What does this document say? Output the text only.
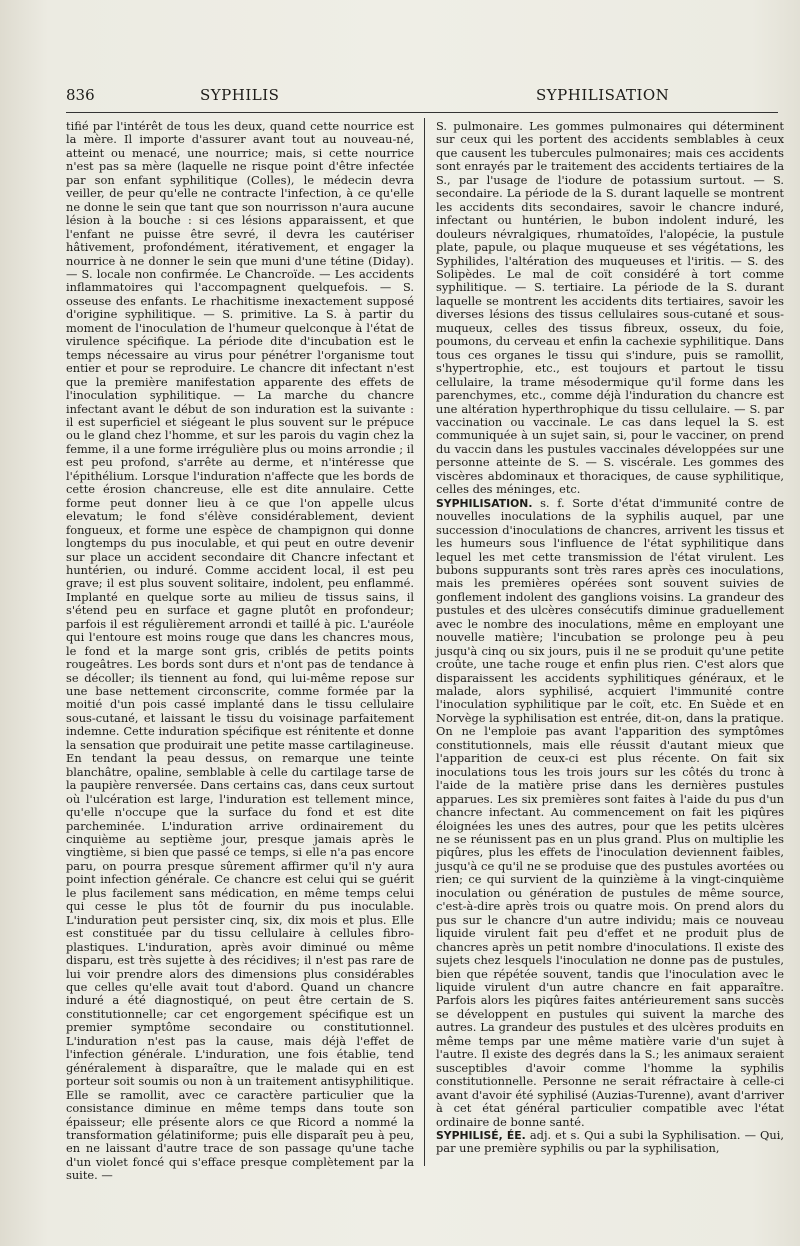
836	SYPHILIS	SYPHILISATION

tifié par l'intérêt de tous les deux, quand cette nourrice est la mère. Il importe d'assurer avant tout au nouveau-né, atteint ou menacé, une nourrice; mais, si cette nourrice n'est pas sa mère (laquelle ne risque point d'être infectée par son enfant syphilitique (Colles), le médecin devra veiller, de peur qu'elle ne contracte l'infection, à ce qu'elle ne donne le sein que tant que son nourrisson n'aura aucune lésion à la bouche : si ces lésions apparaissent, et que l'enfant ne puisse être sevré, il devra les cautériser hâtivement, profondément, itérativement, et engager la nourrice à ne donner le sein que muni d'une tétine (Diday). — S. locale non confirmée. Le Chancroïde. — Les accidents inflammatoires qui l'accompagnent quelquefois. — S. osseuse des enfants. Le rhachitisme inexactement supposé d'origine syphilitique. — S. primitive. La S. à partir du moment de l'inoculation de l'humeur quelconque à l'état de virulence spécifique. La période dite d'incubation est le temps nécessaire au virus pour pénétrer l'organisme tout entier et pour se reproduire. Le chancre dit infectant n'est que la première manifestation apparente des effets de l'inoculation syphilitique. — La marche du chancre infectant avant le début de son induration est la suivante : il est superficiel et siégeant le plus souvent sur le prépuce ou le gland chez l'homme, et sur les parois du vagin chez la femme, il a une forme irrégulière plus ou moins arrondie ; il est peu profond, s'arrête au derme, et n'intéresse que l'épithélium. Lorsque l'induration n'affecte que les bords de cette érosion chancreuse, elle est dite annulaire. Cette forme peut donner lieu à ce que l'on appelle ulcus elevatum; le fond s'élève considérablement, devient fongueux, et forme une espèce de champignon qui donne longtemps du pus inoculable, et qui peut en outre devenir sur place un accident secondaire dit Chancre infectant et huntérien, ou induré. Comme accident local, il est peu grave; il est plus souvent solitaire, indolent, peu enflammé. Implanté en quelque sorte au milieu de tissus sains, il s'étend peu en surface et gagne plutôt en profondeur; parfois il est régulièrement arrondi et taillé à pic. L'auréole qui l'entoure est moins rouge que dans les chancres mous, le fond et la marge sont gris, criblés de petits points rougeâtres. Les bords sont durs et n'ont pas de tendance à se décoller; ils tiennent au fond, qui lui-même repose sur une base nettement circonscrite, comme formée par la moitié d'un pois cassé implanté dans le tissu cellulaire sous-cutané, et laissant le tissu du voisinage parfaitement indemne. Cette induration spécifique est rénitente et donne la sensation que produirait une petite masse cartilagineuse. En tendant la peau dessus, on remarque une teinte blanchâtre, opaline, semblable à celle du cartilage tarse de la paupière renversée. Dans certains cas, dans ceux surtout où l'ulcération est large, l'induration est tellement mince, qu'elle n'occupe que la surface du fond et est dite parcheminée. L'induration arrive ordinairement du cinquième au septième jour, presque jamais après le vingtième, si bien que passé ce temps, si elle n'a pas encore paru, on pourra presque sûrement affirmer qu'il n'y aura point infection générale. Ce chancre est celui qui se guérit le plus facilement sans médication, en même temps celui qui cesse le plus tôt de fournir du pus inoculable. L'induration peut persister cinq, six, dix mois et plus. Elle est constituée par du tissu cellulaire à cellules fibro-plastiques. L'induration, après avoir diminué ou même disparu, est très sujette à des récidives; il n'est pas rare de lui voir prendre alors des dimensions plus considérables que celles qu'elle avait tout d'abord. Quand un chancre induré a été diagnostiqué, on peut être certain de S. constitutionnelle; car cet engorgement spécifique est un premier symptôme secondaire ou constitutionnel. L'induration n'est pas la cause, mais déjà l'effet de l'infection générale. L'induration, une fois établie, tend généralement à disparaître, que le malade qui en est porteur soit soumis ou non à un traitement antisyphilitique. Elle se ramollit, avec ce caractère particulier que la consistance diminue en même temps dans toute son épaisseur; elle présente alors ce que Ricord a nommé la transformation gélatiniforme; puis elle disparaît peu à peu, en ne laissant d'autre trace de son passage qu'une tache d'un violet foncé qui s'efface presque complètement par la suite. —

S. pulmonaire. Les gommes pulmonaires qui déterminent sur ceux qui les portent des accidents semblables à ceux que causent les tubercules pulmonaires; mais ces accidents sont enrayés par le traitement des accidents tertiaires de la S., par l'usage de l'iodure de potassium surtout. — S. secondaire. La période de la S. durant laquelle se montrent les accidents dits secondaires, savoir le chancre induré, infectant ou huntérien, le bubon indolent induré, les douleurs névralgiques, rhumatoïdes, l'alopécie, la pustule plate, papule, ou plaque muqueuse et ses végétations, les Syphilides, l'altération des muqueuses et l'iritis. — S. des Solipèdes. Le mal de coït considéré à tort comme syphilitique. — S. tertiaire. La période de la S. durant laquelle se montrent les accidents dits tertiaires, savoir les diverses lésions des tissus cellulaires sous-cutané et sous-muqueux, celles des tissus fibreux, osseux, du foie, poumons, du cerveau et enfin la cachexie syphilitique. Dans tous ces organes le tissu qui s'indure, puis se ramollit, s'hypertrophie, etc., est toujours et partout le tissu cellulaire, la trame mésodermique qu'il forme dans les parenchymes, etc., comme déjà l'induration du chancre est une altération hyperthrophique du tissu cellulaire. — S. par vaccination ou vaccinale. Le cas dans lequel la S. est communiquée à un sujet sain, si, pour le vacciner, on prend du vaccin dans les pustules vaccinales développées sur une personne atteinte de S. — S. viscérale. Les gommes des viscères abdominaux et thoraciques, de cause syphilitique, celles des méninges, etc.

SYPHILISATION. s. f. Sorte d'état d'immunité contre de nouvelles inoculations de la syphilis auquel, par une succession d'inoculations de chancres, arrivent les tissus et les humeurs sous l'influence de l'état syphilitique dans lequel les met cette transmission de l'état virulent. Les bubons suppurants sont très rares après ces inoculations, mais les premières opérées sont souvent suivies de gonflement indolent des ganglions voisins. La grandeur des pustules et des ulcères consécutifs diminue graduellement avec le nombre des inoculations, même en employant une nouvelle matière; l'incubation se prolonge peu à peu jusqu'à cinq ou six jours, puis il ne se produit qu'une petite croûte, une tache rouge et enfin plus rien. C'est alors que disparaissent les accidents syphilitiques généraux, et le malade, alors syphilisé, acquiert l'immunité contre l'inoculation syphilitique par le coït, etc. En Suède et en Norvège la syphilisation est entrée, dit-on, dans la pratique. On ne l'emploie pas avant l'apparition des symptômes constitutionnels, mais elle réussit d'autant mieux que l'apparition de ceux-ci est plus récente. On fait six inoculations tous les trois jours sur les côtés du tronc à l'aide de la matière prise dans les dernières pustules apparues. Les six premières sont faites à l'aide du pus d'un chancre infectant. Au commencement on fait les piqûres éloignées les unes des autres, pour que les petits ulcères ne se réunissent pas en un plus grand. Plus on multiplie les piqûres, plus les effets de l'inoculation deviennent faibles, jusqu'à ce qu'il ne se produise que des pustules avortées ou rien; ce qui survient de la quinzième à la vingt-cinquième inoculation ou génération de pustules de même source, c'est-à-dire après trois ou quatre mois. On prend alors du pus sur le chancre d'un autre individu; mais ce nouveau liquide virulent fait peu d'effet et ne produit plus de chancres après un petit nombre d'inoculations. Il existe des sujets chez lesquels l'inoculation ne donne pas de pustules, bien que répétée souvent, tandis que l'inoculation avec le liquide virulent d'un autre chancre en fait apparaître. Parfois alors les piqûres faites antérieurement sans succès se développent en pustules qui suivent la marche des autres. La grandeur des pustules et des ulcères produits en même temps par une même matière varie d'un sujet à l'autre. Il existe des degrés dans la S.; les animaux seraient susceptibles d'avoir comme l'homme la syphilis constitutionnelle. Personne ne serait réfractaire à celle-ci avant d'avoir été syphilisé (Auzias-Turenne), avant d'arriver à cet état général particulier compatible avec l'état ordinaire de bonne santé.

SYPHILISÉ, ÉE. adj. et s. Qui a subi la Syphilisation. — Qui, par une première syphilis ou par la syphilisation,
